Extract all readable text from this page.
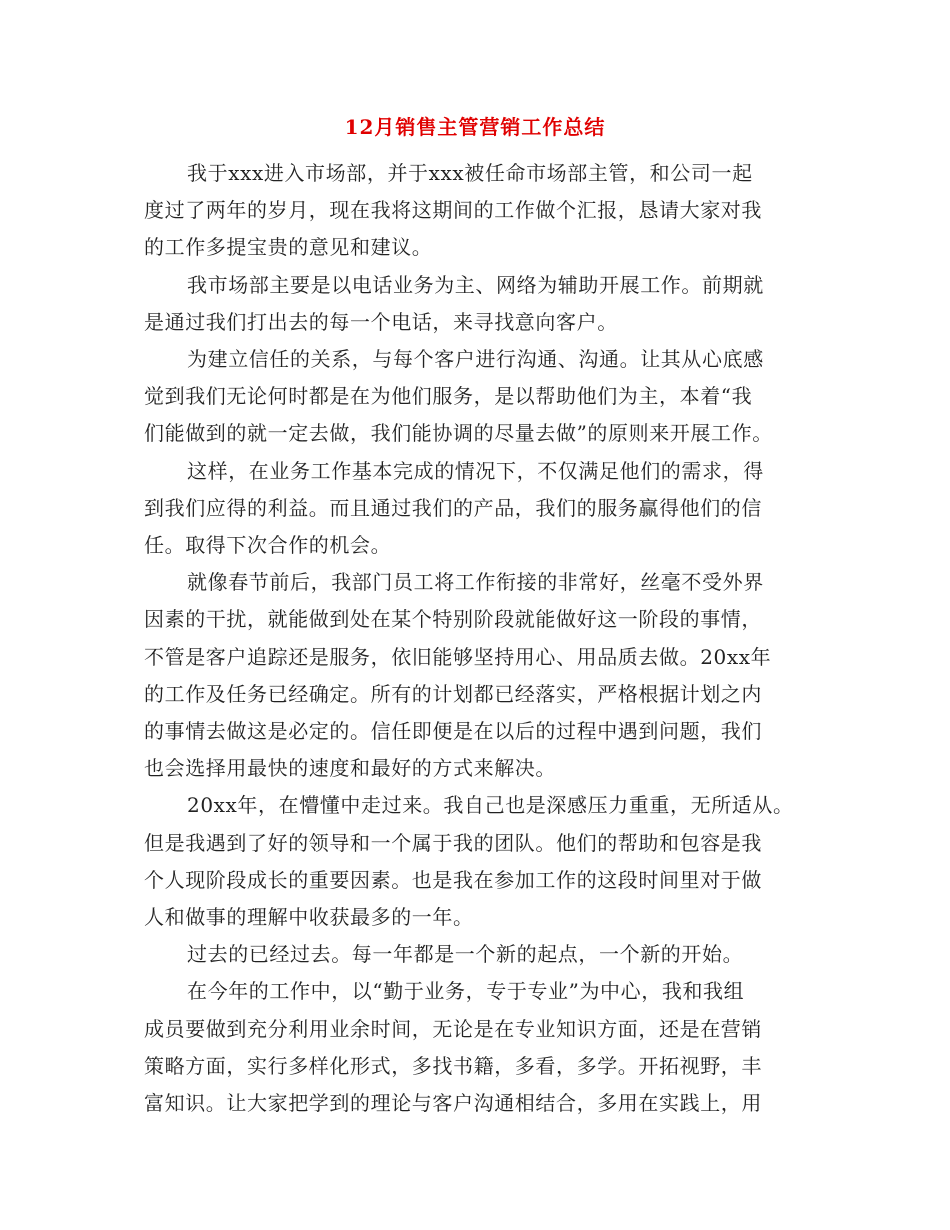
12月销售主管营销工作总结
我于xxx进入市场部，并于xxx被任命市场部主管，和公司一起
度过了两年的岁月，现在我将这期间的工作做个汇报，恳请大家对我
的工作多提宝贵的意见和建议。
我市场部主要是以电话业务为主、网络为辅助开展工作。前期就
是通过我们打出去的每一个电话，来寻找意向客户。
为建立信任的关系，与每个客户进行沟通、沟通。让其从心底感
觉到我们无论何时都是在为他们服务，是以帮助他们为主，本着“我
们能做到的就一定去做，我们能协调的尽量去做”的原则来开展工作。
这样，在业务工作基本完成的情况下，不仅满足他们的需求，得
到我们应得的利益。而且通过我们的产品，我们的服务赢得他们的信
任。取得下次合作的机会。
就像春节前后，我部门员工将工作衔接的非常好，丝毫不受外界
因素的干扰，就能做到处在某个特别阶段就能做好这一阶段的事情，
不管是客户追踪还是服务，依旧能够坚持用心、用品质去做。20xx年
的工作及任务已经确定。所有的计划都已经落实，严格根据计划之内
的事情去做这是必定的。信任即便是在以后的过程中遇到问题，我们
也会选择用最快的速度和最好的方式来解决。
20xx年，在懵懂中走过来。我自己也是深感压力重重，无所适从。
但是我遇到了好的领导和一个属于我的团队。他们的帮助和包容是我
个人现阶段成长的重要因素。也是我在参加工作的这段时间里对于做
人和做事的理解中收获最多的一年。
过去的已经过去。每一年都是一个新的起点，一个新的开始。
在今年的工作中，以“勤于业务，专于专业”为中心，我和我组
成员要做到充分利用业余时间，无论是在专业知识方面，还是在营销
策略方面，实行多样化形式，多找书籍，多看，多学。开拓视野，丰
富知识。让大家把学到的理论与客户沟通相结合，多用在实践上，用
